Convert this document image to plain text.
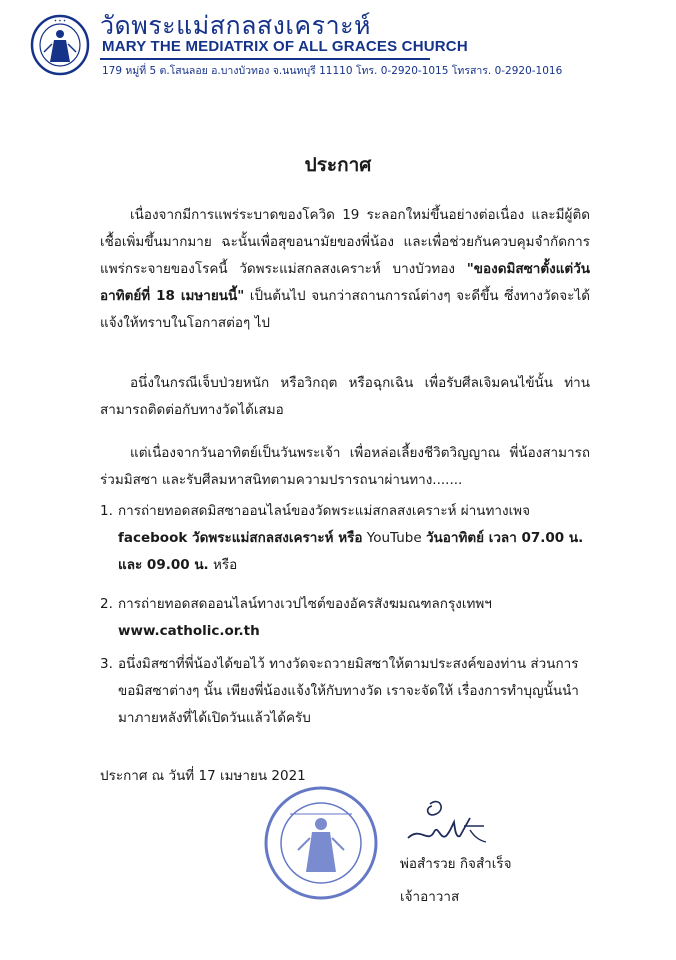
✦ ✦ ✦ วัดพระแม่สกลสงเคราะห์
MARY THE MEDIATRIX OF ALL GRACES CHURCH
179 หมู่ที่ 5 ต.โสนลอย อ.บางบัวทอง จ.นนทบุรี 11110 โทร. 0-2920-1015 โทรสาร. 0-2920-1016
ประกาศ

เนื่องจากมีการแพร่ระบาดของโควิด 19 ระลอกใหม่ขึ้นอย่างต่อเนื่อง และมีผู้ติดเชื้อเพิ่มขึ้นมากมาย ฉะนั้นเพื่อสุขอนามัยของพี่น้อง และเพื่อช่วยกันควบคุมจำกัดการแพร่กระจายของโรคนี้ วัดพระแม่สกลสงเคราะห์ บางบัวทอง "ของดมิสซาตั้งแต่วันอาทิตย์ที่ 18 เมษายนนี้" เป็นต้นไป จนกว่าสถานการณ์ต่างๆ จะดีขึ้น ซึ่งทางวัดจะได้แจ้งให้ทราบในโอกาสต่อๆ ไป

อนึ่งในกรณีเจ็บป่วยหนัก หรือวิกฤต หรือฉุกเฉิน เพื่อรับศีลเจิมคนไข้นั้น ท่านสามารถติดต่อกับทางวัดได้เสมอ

แต่เนื่องจากวันอาทิตย์เป็นวันพระเจ้า เพื่อหล่อเลี้ยงชีวิตวิญญาณ พี่น้องสามารถร่วมมิสซา และรับศีลมหาสนิทตามความปรารถนาผ่านทาง.......

1. การถ่ายทอดสดมิสซาออนไลน์ของวัดพระแม่สกลสงเคราะห์ ผ่านทางเพจ facebook วัดพระแม่สกลสงเคราะห์ หรือ YouTube วันอาทิตย์ เวลา 07.00 น. และ 09.00 น. หรือ
2. การถ่ายทอดสดออนไลน์ทางเวปไซต์ของอัครสังฆมณฑลกรุงเทพฯ
www.catholic.or.th
3. อนึ่งมิสซาที่พี่น้องได้ขอไว้ ทางวัดจะถวายมิสซาให้ตามประสงค์ของท่าน ส่วนการขอมิสซาต่างๆ นั้น เพียงพี่น้องแจ้งให้กับทางวัด เราจะจัดให้ เรื่องการทำบุญนั้นนำมาภายหลังที่ได้เปิดวันแล้วได้ครับ
ประกาศ ณ วันที่ 17 เมษายน 2021
พ่อสำรวย กิจสำเร็จ
เจ้าอาวาส
